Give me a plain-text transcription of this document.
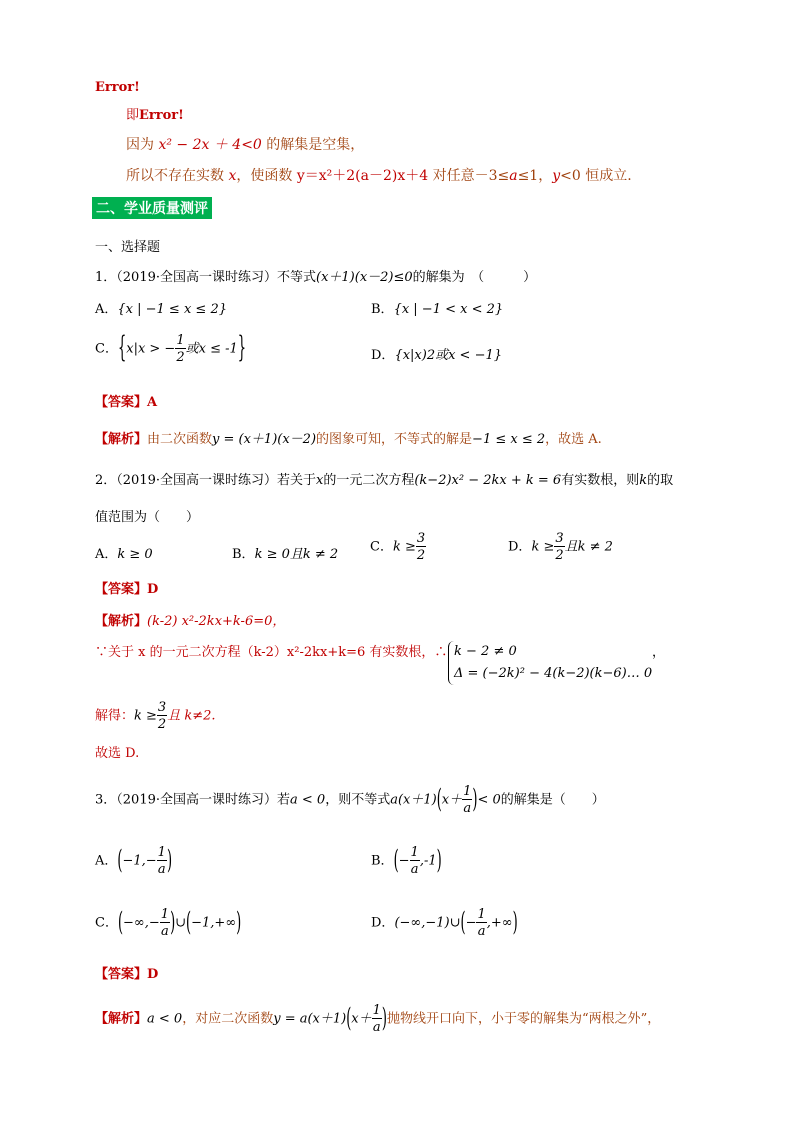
Error!
即Error!
因为 x² − 2x ＋ 4<0 的解集是空集，
所以不存在实数 x，使函数 y＝x²＋2(a－2)x＋4 对任意－3≤a≤1，y<0 恒成立.
二、学业质量测评
一、选择题
1．（2019·全国高一课时练习）不等式(x＋1)(x－2)≤0的解集为　（　　　）
A．{x | −1 ≤ x ≤ 2}	B．{x | −1 < x < 2}
C．{x|x > − $\frac{1}{2}$ 或x ≤ -1}	D．{x|x)2或x < −1}
【答案】A
【解析】由二次函数y = (x＋1)(x－2)的图象可知，不等式的解是−1 ≤ x ≤ 2，故选 A.
2．（2019·全国高一课时练习）若关于x的一元二次方程(k−2)x² − 2kx + k = 6有实数根，则k的取
值范围为（　　）
A．k ≥ 0	B．k ≥ 0且k ≠ 2 C．$k \ge \frac{3}{2}$	D．$k \ge \frac{3}{2}$ 且k ≠ 2
【答案】D
【解析】(k-2) x²-2kx+k-6=0，
∵关于 x 的一元二次方程（k-2）x²-2kx+k=6 有实数根，∴ k − 2 ≠ 0
Δ = (−2k)² − 4(k−2)(k−6)… 0
，
解得：$k \ge \frac{3}{2}$ 且 k≠2.
故选 D.
3．（2019·全国高一课时练习）若a < 0，则不等式$a(x+1)(x+ \frac{1}{a}$ )< 0的解集是（　　）
A．($-1,- \frac{1}{a}$ )	B．(− $\frac{1}{a} ,-1$)
C．(−∞,− $\frac{1}{a}$ )∪(−1,+∞)	D．(−∞,−1)∪(− $\frac{1}{a}$ ,+∞)
【答案】D
【解析】a < 0，对应二次函数$y = a(x+1)(x+ \frac{1}{a}$ )抛物线开口向下，小于零的解集为“两根之外”，
